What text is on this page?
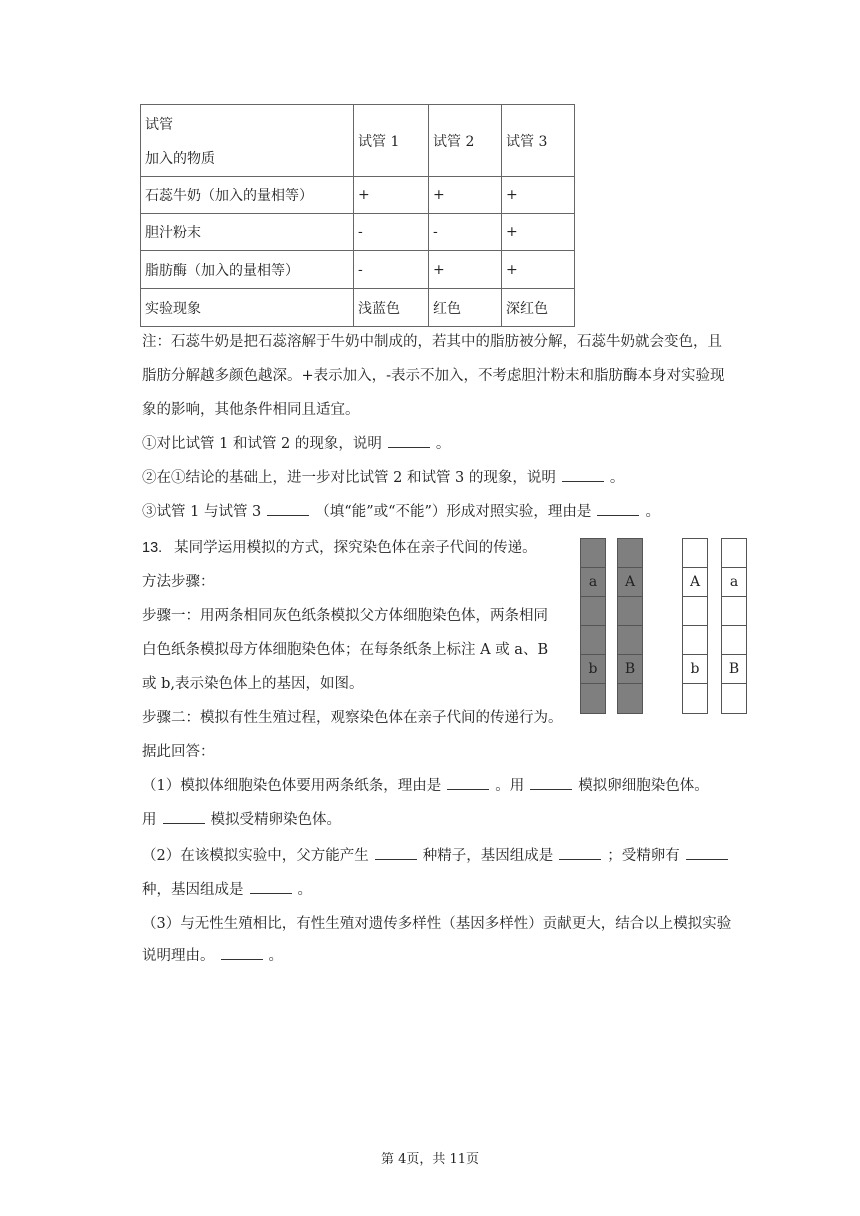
试管
加入的物质	试管 1	试管 2	试管 3
石蕊牛奶（加入的量相等）	+	+	+
胆汁粉末	-	-	+
脂肪酶（加入的量相等）	-	+	+
实验现象	浅蓝色	红色	深红色
注：石蕊牛奶是把石蕊溶解于牛奶中制成的，若其中的脂肪被分解，石蕊牛奶就会变色，且
脂肪分解越多颜色越深。+表示加入，-表示不加入，不考虑胆汁粉末和脂肪酶本身对实验现
象的影响，其他条件相同且适宜。
①对比试管 1 和试管 2 的现象，说明	。
②在①结论的基础上，进一步对比试管 2 和试管 3 的现象，说明	。
③试管 1 与试管 3	（填“能”或“不能”）形成对照实验，理由是	。
13. 某同学运用模拟的方式，探究染色体在亲子代间的传递。
方法步骤：
步骤一：用两条相同灰色纸条模拟父方体细胞染色体，两条相同
白色纸条模拟母方体细胞染色体；在每条纸条上标注 A 或 a、B
或 b,表示染色体上的基因，如图。
步骤二：模拟有性生殖过程，观察染色体在亲子代间的传递行为。
据此回答：
（1）模拟体细胞染色体要用两条纸条，理由是	。用	模拟卵细胞染色体。
用	模拟受精卵染色体。
（2）在该模拟实验中，父方能产生	种精子，基因组成是	；受精卵有
种，基因组成是	。
（3）与无性生殖相比，有性生殖对遗传多样性（基因多样性）贡献更大，结合以上模拟实验
说明理由。	。
a
b
A
B
A
b
a
B
第 4页，共 11页
